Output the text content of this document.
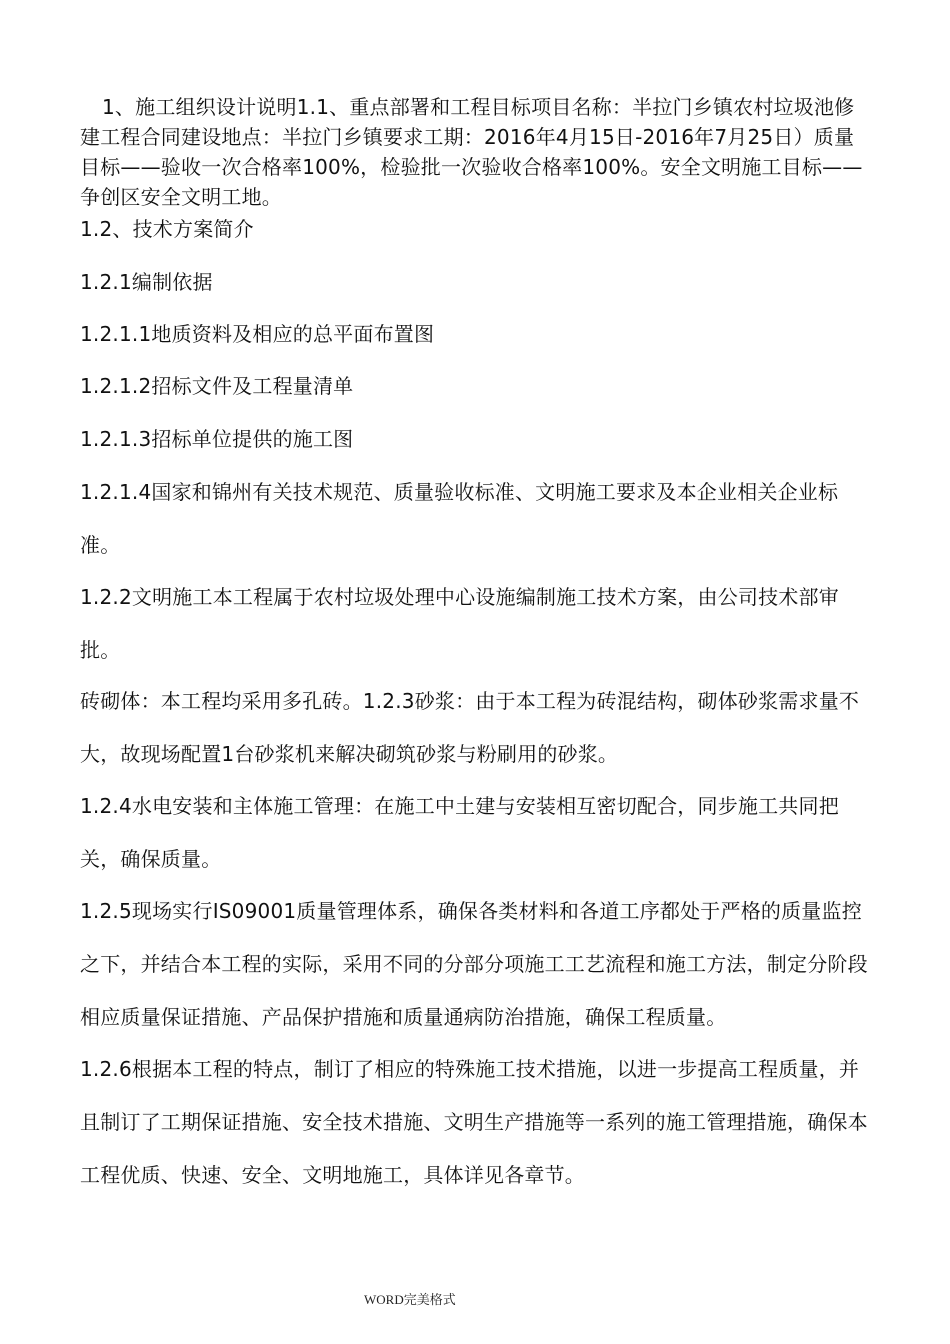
1、施工组织设计说明1.1、重点部署和工程目标项目名称：半拉门乡镇农村垃圾池修建工程合同建设地点：半拉门乡镇要求工期：2016年4月15日-2016年7月25日）质量目标——验收一次合格率100%，检验批一次验收合格率100%。安全文明施工目标——争创区安全文明工地。

1.2、技术方案简介

1.2.1编制依据

1.2.1.1地质资料及相应的总平面布置图

1.2.1.2招标文件及工程量清单

1.2.1.3招标单位提供的施工图

1.2.1.4国家和锦州有关技术规范、质量验收标准、文明施工要求及本企业相关企业标准。

1.2.2文明施工本工程属于农村垃圾处理中心设施编制施工技术方案，由公司技术部审批。

砖砌体：本工程均采用多孔砖。1.2.3砂浆：由于本工程为砖混结构，砌体砂浆需求量不大，故现场配置1台砂浆机来解决砌筑砂浆与粉刷用的砂浆。

1.2.4水电安装和主体施工管理：在施工中土建与安装相互密切配合，同步施工共同把关，确保质量。

1.2.5现场实行IS09001质量管理体系，确保各类材料和各道工序都处于严格的质量监控之下，并结合本工程的实际，采用不同的分部分项施工工艺流程和施工方法，制定分阶段相应质量保证措施、产品保护措施和质量通病防治措施，确保工程质量。

1.2.6根据本工程的特点，制订了相应的特殊施工技术措施，以进一步提高工程质量，并且制订了工期保证措施、安全技术措施、文明生产措施等一系列的施工管理措施，确保本工程优质、快速、安全、文明地施工，具体详见各章节。

WORD完美格式
